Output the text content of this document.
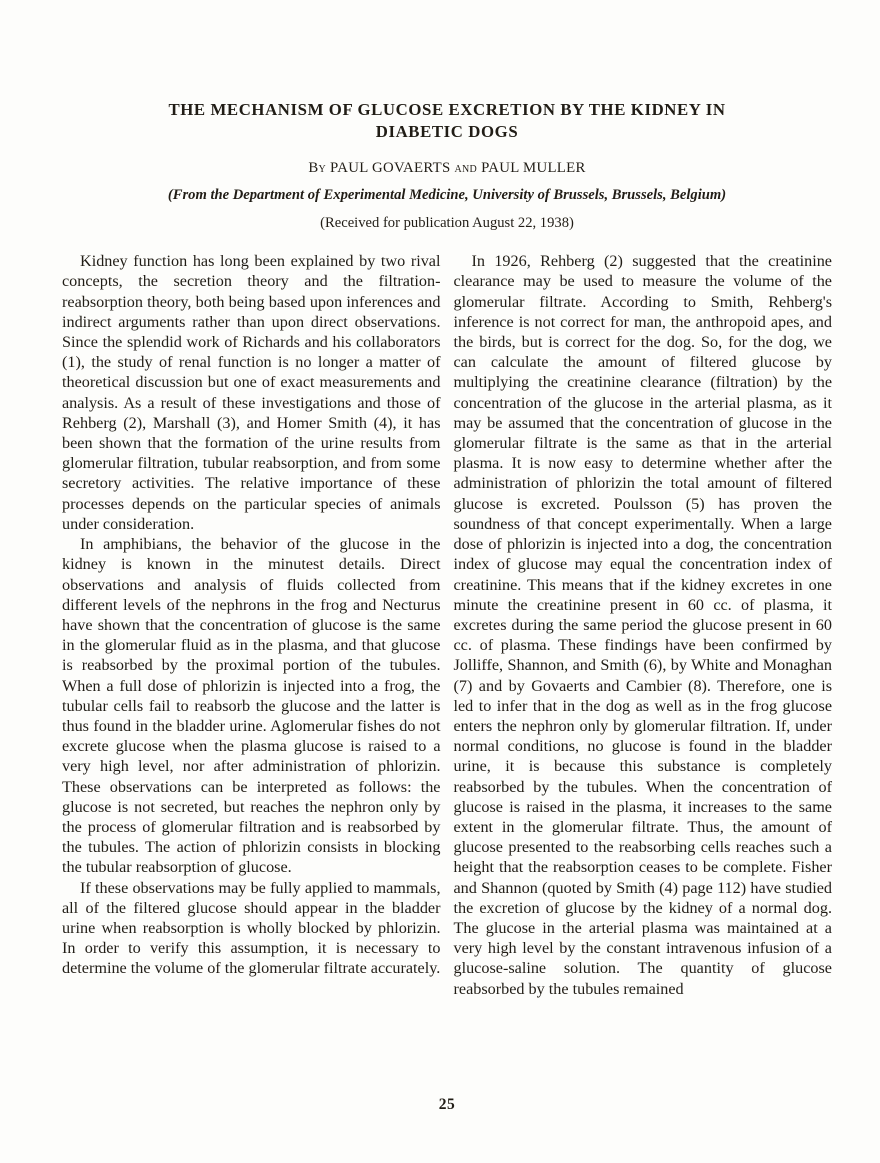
THE MECHANISM OF GLUCOSE EXCRETION BY THE KIDNEY IN
DIABETIC DOGS
By PAUL GOVAERTS and PAUL MULLER
(From the Department of Experimental Medicine, University of Brussels, Brussels, Belgium)
(Received for publication August 22, 1938)

Kidney function has long been explained by two rival concepts, the secretion theory and the filtration-reabsorption theory, both being based upon inferences and indirect arguments rather than upon direct observations. Since the splendid work of Richards and his collaborators (1), the study of renal function is no longer a matter of theoretical discussion but one of exact measurements and analysis. As a result of these investigations and those of Rehberg (2), Marshall (3), and Homer Smith (4), it has been shown that the formation of the urine results from glomerular filtration, tubular reabsorption, and from some secretory activities. The relative importance of these processes depends on the particular species of animals under consideration.

In amphibians, the behavior of the glucose in the kidney is known in the minutest details. Direct observations and analysis of fluids collected from different levels of the nephrons in the frog and Necturus have shown that the concentration of glucose is the same in the glomerular fluid as in the plasma, and that glucose is reabsorbed by the proximal portion of the tubules. When a full dose of phlorizin is injected into a frog, the tubular cells fail to reabsorb the glucose and the latter is thus found in the bladder urine. Aglomerular fishes do not excrete glucose when the plasma glucose is raised to a very high level, nor after administration of phlorizin. These observations can be interpreted as follows: the glucose is not secreted, but reaches the nephron only by the process of glomerular filtration and is reabsorbed by the tubules. The action of phlorizin consists in blocking the tubular reabsorption of glucose.

If these observations may be fully applied to mammals, all of the filtered glucose should appear in the bladder urine when reabsorption is wholly blocked by phlorizin. In order to verify this assumption, it is necessary to determine the volume of the glomerular filtrate accurately.

In 1926, Rehberg (2) suggested that the creatinine clearance may be used to measure the volume of the glomerular filtrate. According to Smith, Rehberg's inference is not correct for man, the anthropoid apes, and the birds, but is correct for the dog. So, for the dog, we can calculate the amount of filtered glucose by multiplying the creatinine clearance (filtration) by the concentration of the glucose in the arterial plasma, as it may be assumed that the concentration of glucose in the glomerular filtrate is the same as that in the arterial plasma. It is now easy to determine whether after the administration of phlorizin the total amount of filtered glucose is excreted. Poulsson (5) has proven the soundness of that concept experimentally. When a large dose of phlorizin is injected into a dog, the concentration index of glucose may equal the concentration index of creatinine. This means that if the kidney excretes in one minute the creatinine present in 60 cc. of plasma, it excretes during the same period the glucose present in 60 cc. of plasma. These findings have been confirmed by Jolliffe, Shannon, and Smith (6), by White and Monaghan (7) and by Govaerts and Cambier (8). Therefore, one is led to infer that in the dog as well as in the frog glucose enters the nephron only by glomerular filtration. If, under normal conditions, no glucose is found in the bladder urine, it is because this substance is completely reabsorbed by the tubules. When the concentration of glucose is raised in the plasma, it increases to the same extent in the glomerular filtrate. Thus, the amount of glucose presented to the reabsorbing cells reaches such a height that the reabsorption ceases to be complete. Fisher and Shannon (quoted by Smith (4) page 112) have studied the excretion of glucose by the kidney of a normal dog. The glucose in the arterial plasma was maintained at a very high level by the constant intravenous infusion of a glucose-saline solution. The quantity of glucose reabsorbed by the tubules remained

25
